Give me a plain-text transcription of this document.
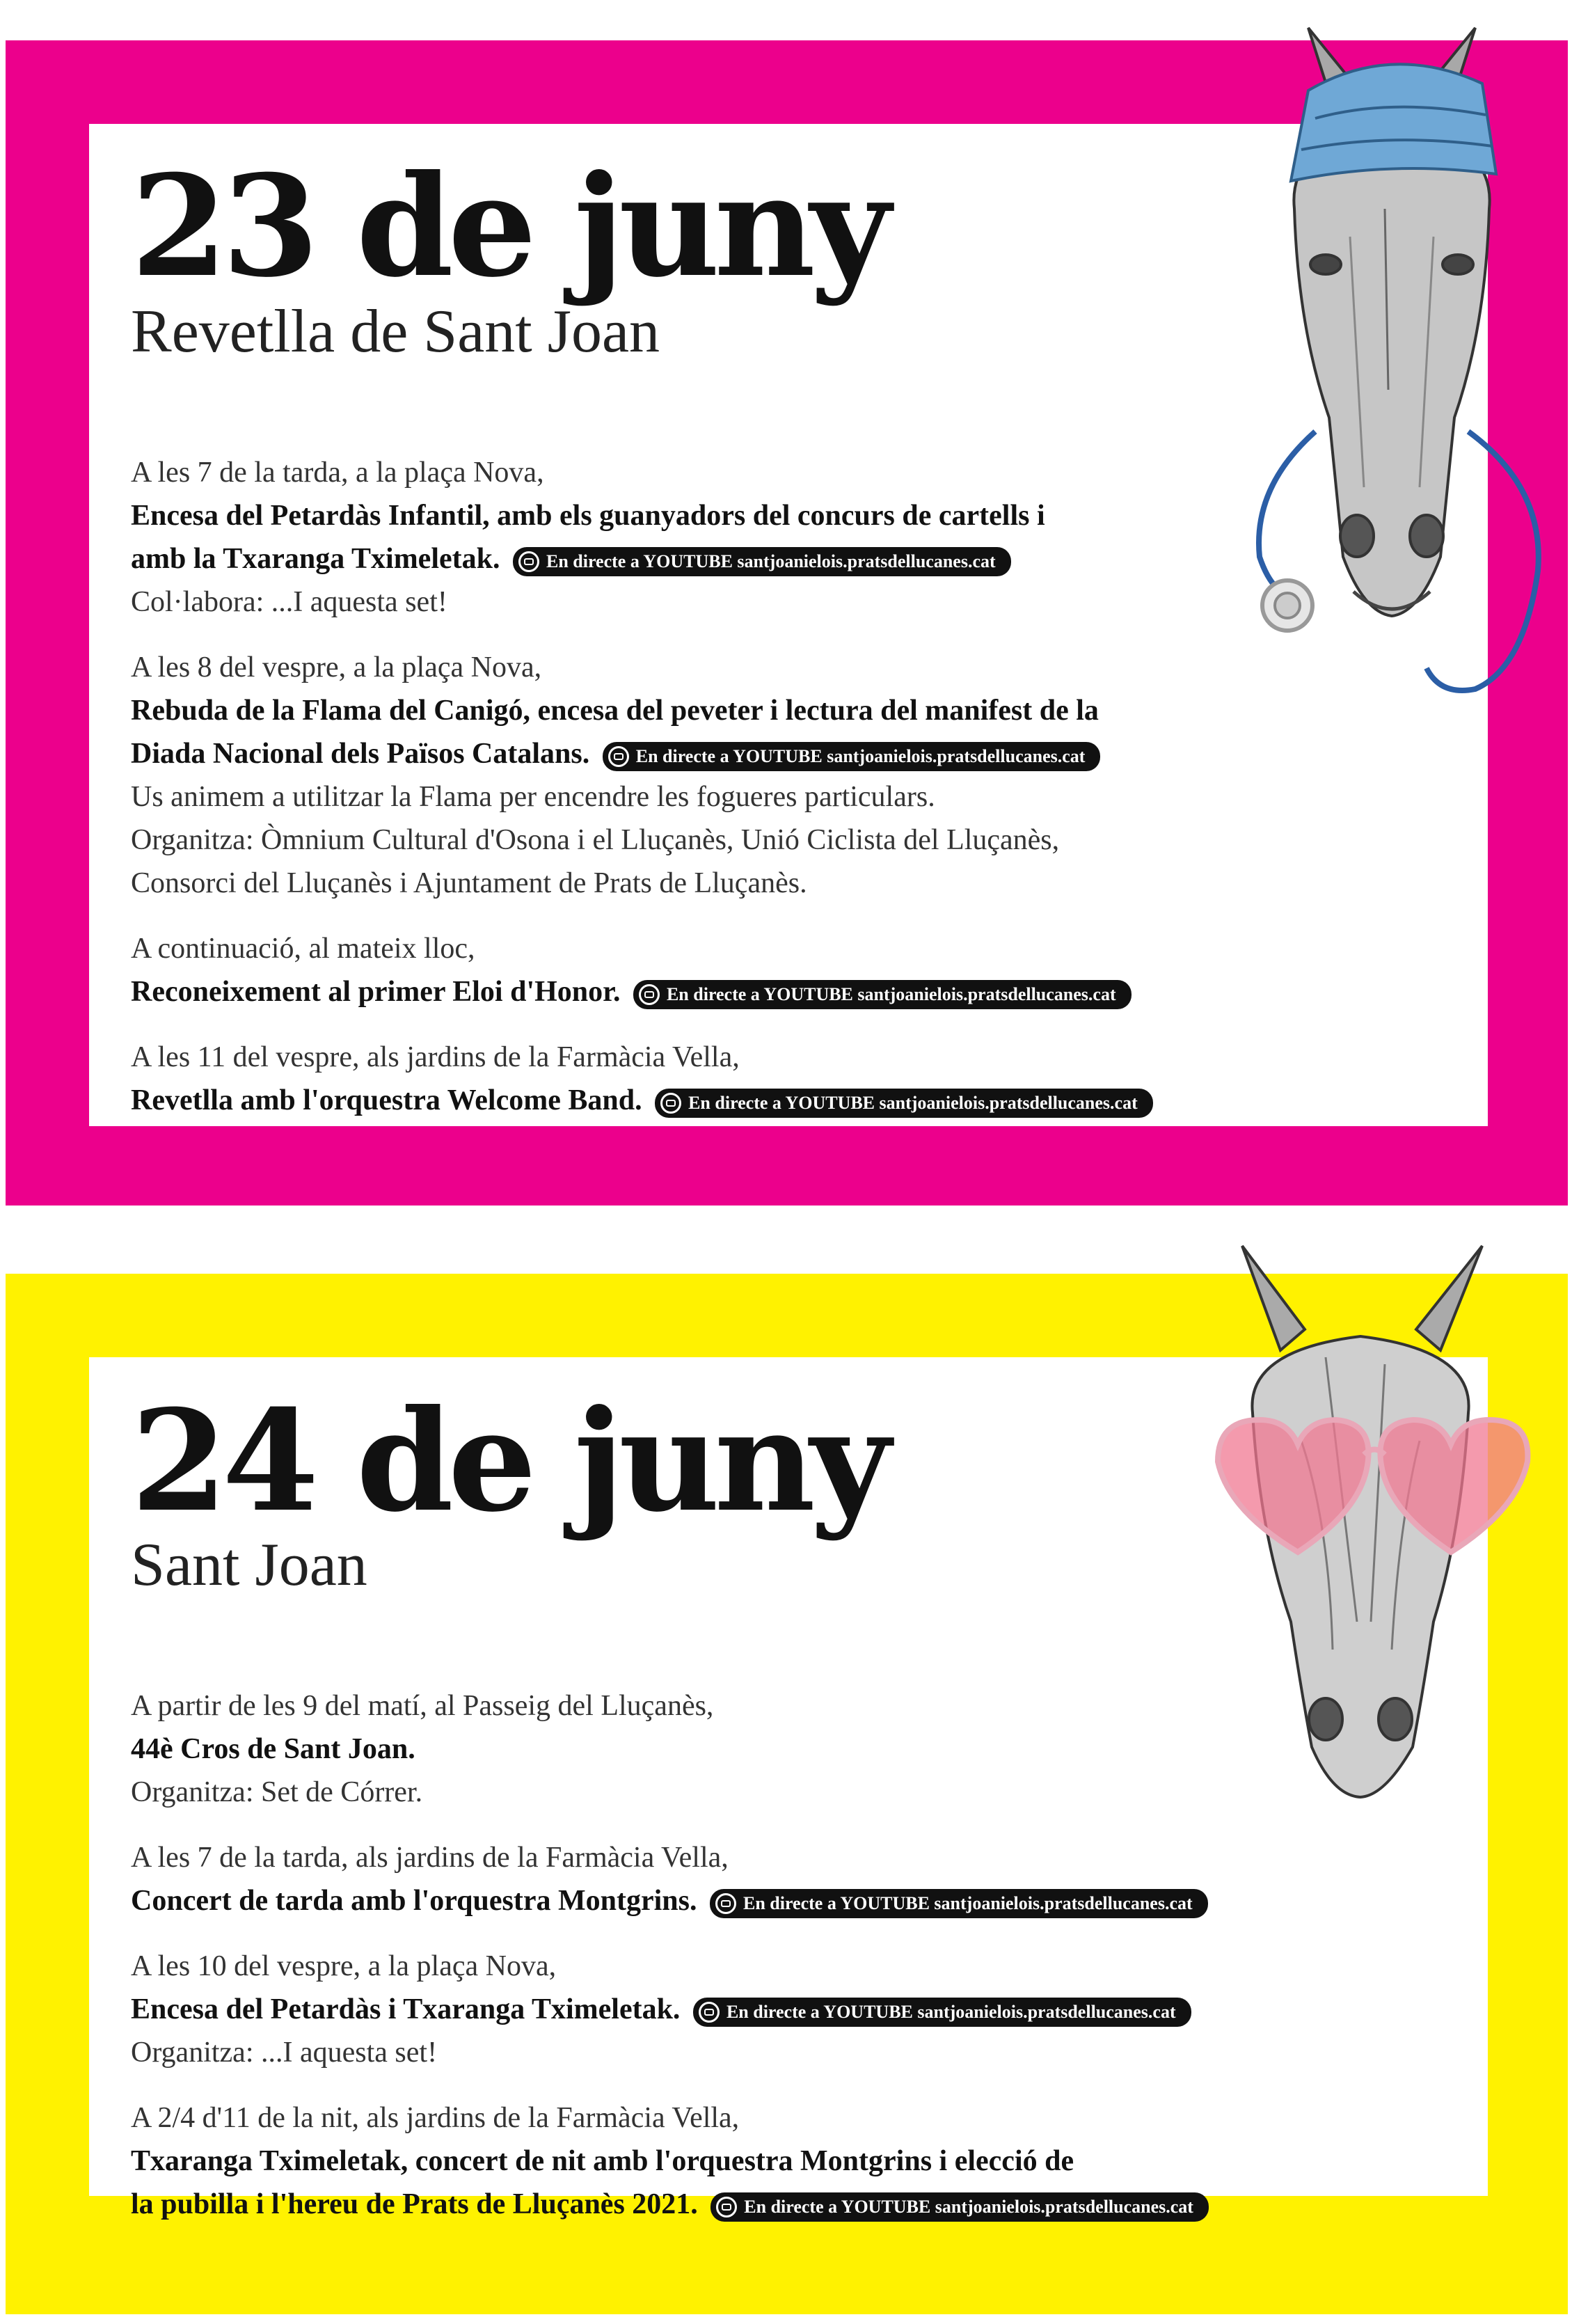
23 de juny
Revetlla de Sant Joan
A les 7 de la tarda, a la plaça Nova,
Encesa del Petardàs Infantil, amb els guanyadors del concurs de cartells i
amb la Txaranga Tximeletak.	En directe a YOUTUBE santjoanielois.pratsdellucanes.cat
Col·labora: ...I aquesta set!
A les 8 del vespre, a la plaça Nova,
Rebuda de la Flama del Canigó, encesa del peveter i lectura del manifest de la
Diada Nacional dels Països Catalans.	En directe a YOUTUBE santjoanielois.pratsdellucanes.cat
Us animem a utilitzar la Flama per encendre les fogueres particulars.
Organitza: Òmnium Cultural d'Osona i el Lluçanès, Unió Ciclista del Lluçanès,
Consorci del Lluçanès i Ajuntament de Prats de Lluçanès.
A continuació, al mateix lloc,
Reconeixement al primer Eloi d'Honor.	En directe a YOUTUBE santjoanielois.pratsdellucanes.cat
A les 11 del vespre, als jardins de la Farmàcia Vella,
Revetlla amb l'orquestra Welcome Band.	En directe a YOUTUBE santjoanielois.pratsdellucanes.cat
24 de juny
Sant Joan
A partir de les 9 del matí, al Passeig del Lluçanès,
44è Cros de Sant Joan.
Organitza: Set de Córrer.
A les 7 de la tarda, als jardins de la Farmàcia Vella,
Concert de tarda amb l'orquestra Montgrins.	En directe a YOUTUBE santjoanielois.pratsdellucanes.cat
A les 10 del vespre, a la plaça Nova,
Encesa del Petardàs i Txaranga Tximeletak.	En directe a YOUTUBE santjoanielois.pratsdellucanes.cat
Organitza: ...I aquesta set!
A 2/4 d'11 de la nit, als jardins de la Farmàcia Vella,
Txaranga Tximeletak, concert de nit amb l'orquestra Montgrins i elecció de
la pubilla i l'hereu de Prats de Lluçanès 2021.	En directe a YOUTUBE santjoanielois.pratsdellucanes.cat
